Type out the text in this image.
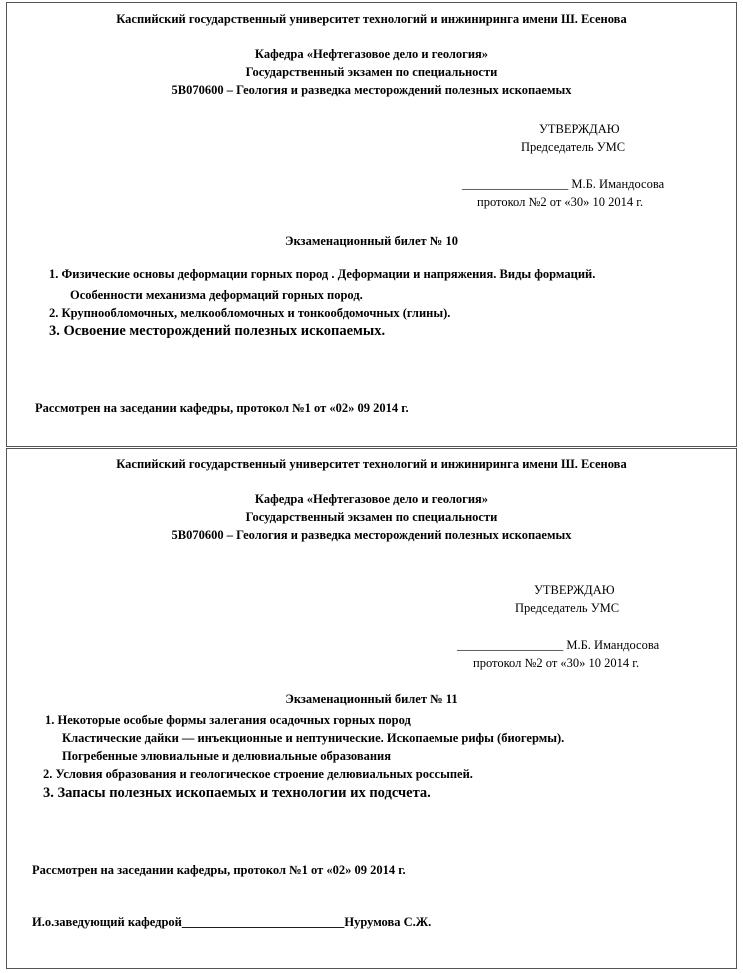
Каспийский государственный университет технологий и инжиниринга имени Ш. Есенова
Кафедра «Нефтегазовое дело и геология»
Государственный экзамен по специальности
5В070600 – Геология и разведка месторождений полезных ископаемых
УТВЕРЖДАЮ
Председатель УМС
_________________ М.Б. Имандосова
протокол №2 от «30» 10 2014 г.
Экзаменационный билет № 10
1. Физические основы деформации горных пород . Деформации и напряжения. Виды формаций.
Особенности механизма деформаций горных пород.
2. Крупнообломочных, мелкообломочных и тонкообдомочных (глины).
3. Освоение месторождений полезных ископаемых.
Рассмотрен на заседании кафедры, протокол №1 от «02» 09 2014 г.
Каспийский государственный университет технологий и инжиниринга имени Ш. Есенова
Кафедра «Нефтегазовое дело и геология»
Государственный экзамен по специальности
5В070600 – Геология и разведка месторождений полезных ископаемых
УТВЕРЖДАЮ
Председатель УМС
_________________ М.Б. Имандосова
протокол №2 от «30» 10 2014 г.
Экзаменационный билет № 11
1. Некоторые особые формы залегания осадочных горных пород
Кластические дайки — инъекционные и нептунические. Ископаемые рифы (биогермы).
Погребенные элювиальные и делювиальные образования
2. Условия образования и геологическое строение делювиальных россыпей.
3. Запасы полезных ископаемых и технологии их подсчета.
Рассмотрен на заседании кафедры, протокол №1 от «02» 09 2014 г.
И.о.заведующий кафедрой__________________________Нурумова С.Ж.
